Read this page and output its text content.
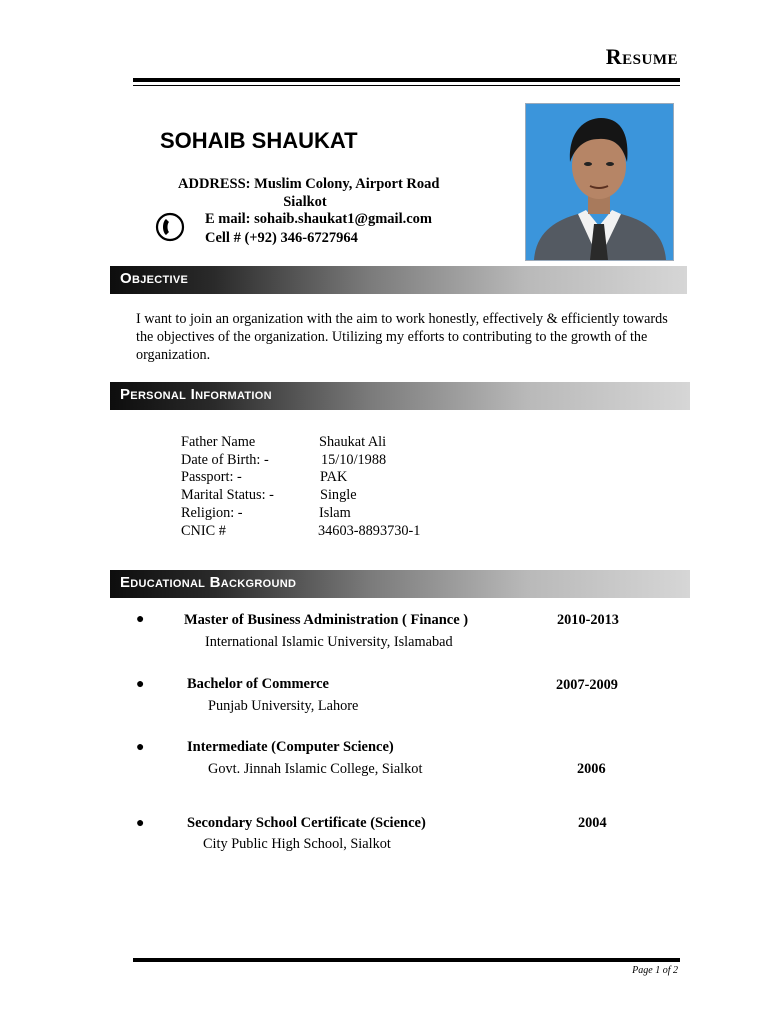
Resume
SOHAIB SHAUKAT
ADDRESS: Muslim Colony, Airport Road
Sialkot
E mail: sohaib.shaukat1@gmail.com
Cell # (+92) 346-6727964
Objective
I want to join an organization with the aim to work honestly, effectively & efficiently towards the objectives of the organization. Utilizing my efforts to contributing to the growth of the organization.
Personal Information
Father Name	Shaukat Ali
Date of Birth: -	15/10/1988
Passport: -	PAK
Marital Status: -	Single
Religion: -	Islam
CNIC #	34603-8893730-1
Educational Background
●	Master of Business Administration ( Finance )	2010-2013
International Islamic University, Islamabad
●	Bachelor of Commerce	2007-2009
Punjab University, Lahore
●	Intermediate (Computer Science)
Govt. Jinnah Islamic College, Sialkot	2006
●	Secondary School Certificate (Science)	2004
City Public High School, Sialkot
Page 1 of 2
